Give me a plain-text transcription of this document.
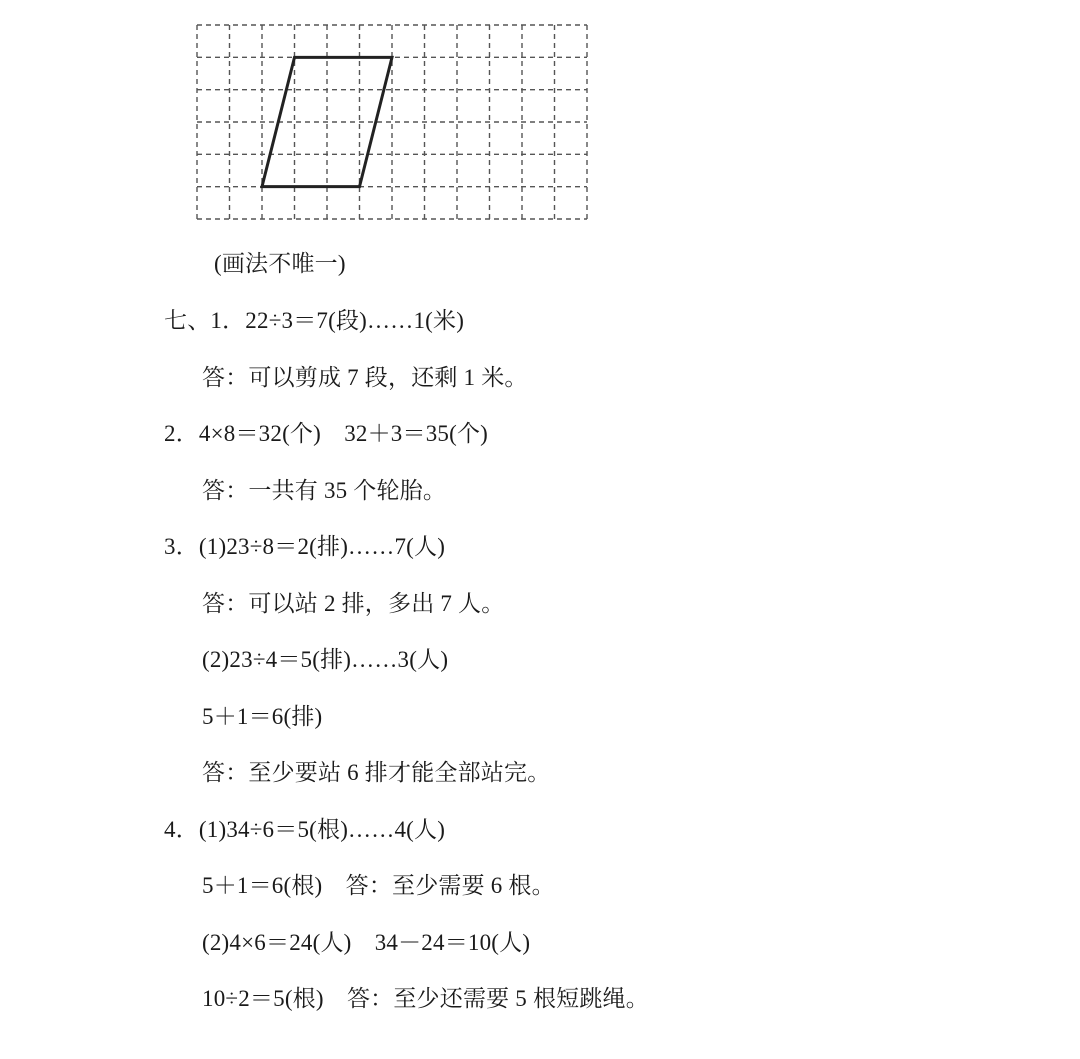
(画法不唯一)
七、1．22÷3＝7(段)……1(米)
答：可以剪成 7 段，还剩 1 米。
2．4×8＝32(个)　32＋3＝35(个)
答：一共有 35 个轮胎。
3．(1)23÷8＝2(排)……7(人)
答：可以站 2 排，多出 7 人。
(2)23÷4＝5(排)……3(人)
5＋1＝6(排)
答：至少要站 6 排才能全部站完。
4．(1)34÷6＝5(根)……4(人)
5＋1＝6(根)　答：至少需要 6 根。
(2)4×6＝24(人)　34－24＝10(人)
10÷2＝5(根)　答：至少还需要 5 根短跳绳。
